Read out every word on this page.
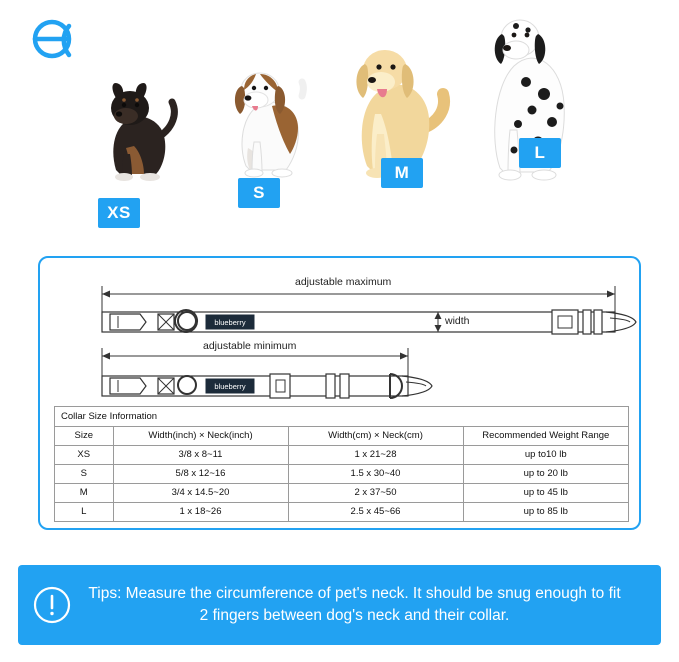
XS
S
M
L
adjustable maximum
blueberry
blueberry
width
adjustable minimum
Collar Size Information			
Size	Width(inch) × Neck(inch)	Width(cm) × Neck(cm)	Recommended Weight Range
XS	3/8 x 8~11	1 x 21~28	up to10 lb
S	5/8 x 12~16	1.5 x 30~40	up to 20 lb
M	3/4 x 14.5~20	2 x 37~50	up to 45 lb
L	1 x 18~26	2.5 x 45~66	up to 85 lb
Tips: Measure the circumference of pet's neck. It should be snug enough to fit 2 fingers between dog's neck and their collar.
